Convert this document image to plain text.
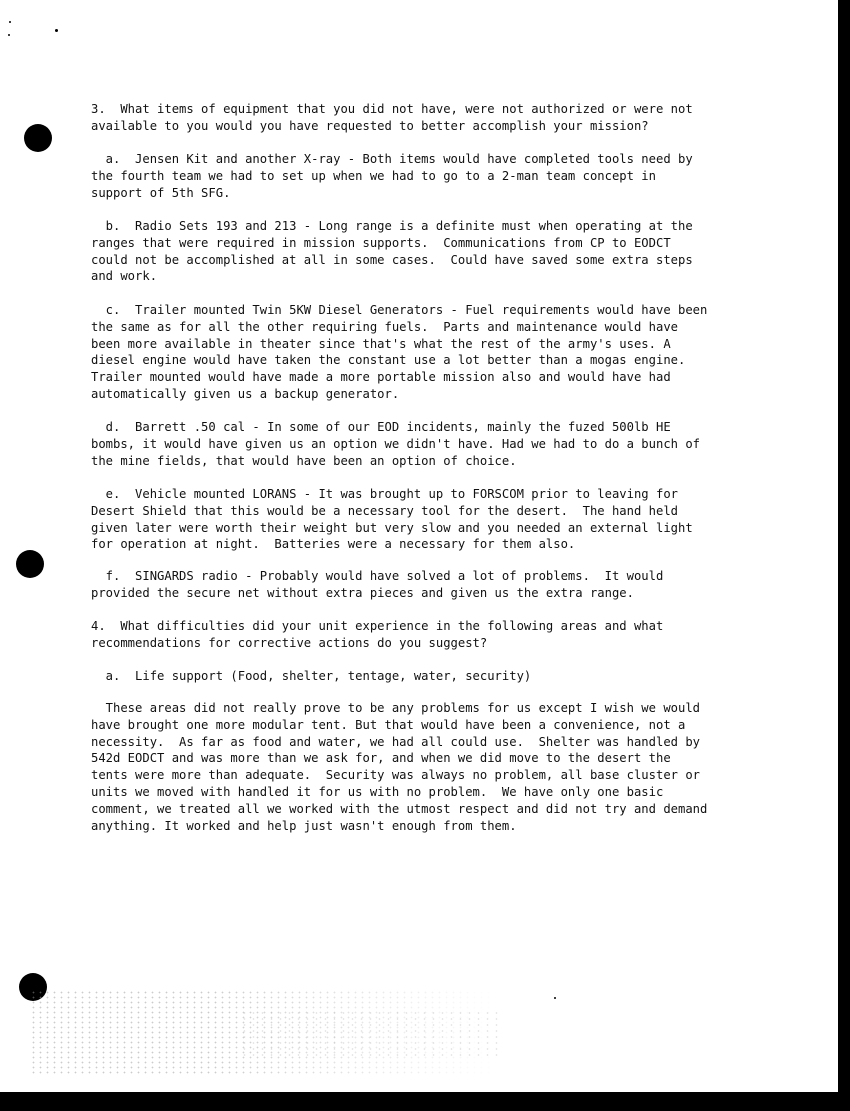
3.  What items of equipment that you did not have, were not authorized or were not
available to you would you have requested to better accomplish your mission?

a.  Jensen Kit and another X-ray - Both items would have completed tools need by
the fourth team we had to set up when we had to go to a 2-man team concept in
support of 5th SFG.

b.  Radio Sets 193 and 213 - Long range is a definite must when operating at the
ranges that were required in mission supports.  Communications from CP to EODCT
could not be accomplished at all in some cases.  Could have saved some extra steps
and work.

c.  Trailer mounted Twin 5KW Diesel Generators - Fuel requirements would have been
the same as for all the other requiring fuels.  Parts and maintenance would have
been more available in theater since that's what the rest of the army's uses. A
diesel engine would have taken the constant use a lot better than a mogas engine.
Trailer mounted would have made a more portable mission also and would have had
automatically given us a backup generator.

d.  Barrett .50 cal - In some of our EOD incidents, mainly the fuzed 500lb HE
bombs, it would have given us an option we didn't have. Had we had to do a bunch of
the mine fields, that would have been an option of choice.

e.  Vehicle mounted LORANS - It was brought up to FORSCOM prior to leaving for
Desert Shield that this would be a necessary tool for the desert.  The hand held
given later were worth their weight but very slow and you needed an external light
for operation at night.  Batteries were a necessary for them also.

f.  SINGARDS radio - Probably would have solved a lot of problems.  It would
provided the secure net without extra pieces and given us the extra range.

4.  What difficulties did your unit experience in the following areas and what
recommendations for corrective actions do you suggest?

a.  Life support (Food, shelter, tentage, water, security)

These areas did not really prove to be any problems for us except I wish we would
have brought one more modular tent. But that would have been a convenience, not a
necessity.  As far as food and water, we had all could use.  Shelter was handled by
542d EODCT and was more than we ask for, and when we did move to the desert the
tents were more than adequate.  Security was always no problem, all base cluster or
units we moved with handled it for us with no problem.  We have only one basic
comment, we treated all we worked with the utmost respect and did not try and demand
anything. It worked and help just wasn't enough from them.
